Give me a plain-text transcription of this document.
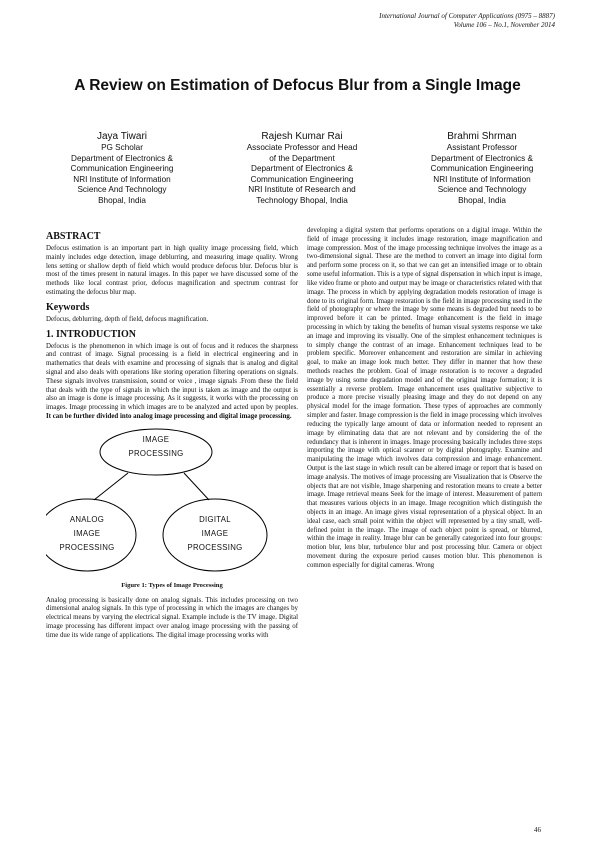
International Journal of Computer Applications (0975 – 8887)
Volume 106 – No.1, November 2014
A Review on Estimation of Defocus Blur from a Single Image
Jaya Tiwari
PG Scholar
Department of Electronics &
Communication Engineering
NRI Institute of Information
Science And Technology
Bhopal, India
Rajesh Kumar Rai
Associate Professor and Head
of the Department
Department of Electronics &
Communication Engineering
NRI Institute of Research and
Technology Bhopal, India
Brahmi Shrman
Assistant Professor
Department of Electronics &
Communication Engineering
NRI Institute of Information
Science and Technology
Bhopal, India
ABSTRACT

Defocus estimation is an important part in high quality image processing field, which mainly includes edge detection, image deblurring, and measuring image quality. Wrong lens setting or shallow depth of field which would produce defocus blur. Defocus blur is most of the times present in natural images. In this paper we have discussed some of the methods like local contrast prior, defocus magnification and spectrum contrast for estimating the defocus blur map.

Keywords

Defocus, deblurring, depth of field, defocus magnification.

1. INTRODUCTION

Defocus is the phenomenon in which image is out of focus and it reduces the sharpness and contrast of image. Signal processing is a field in electrical engineering and in mathematics that deals with examine and processing of signals that is analog and digital signal and also deals with operations like storing operation filtering operations on signals. These signals involves transmission, sound or voice , image signals .From these the field that deals with the type of signals in which the input is taken as image and the output is also an image is done is image processing. As it suggests, it works with the processing on images. Image processing in which images are to be analyzed and acted upon by peoples. It can be further divided into analog image processing and digital image processing.

IMAGE
PROCESSING
ANALOG
IMAGE
PROCESSING
DIGITAL
IMAGE
PROCESSING
Figure 1: Types of Image Processing

Analog processing is basically done on analog signals. This includes processing on two dimensional analog signals. In this type of processing in which the images are changes by electrical means by varying the electrical signal. Example include is the TV image. Digital image processing has different impact over analog image processing with the passing of time due its wide range of applications. The digital image processing works with

developing a digital system that performs operations on a digital image. Within the field of image processing it includes image restoration, image magnification and image compression. Most of the image processing technique involves the image as a two-dimensional signal. These are the method to convert an image into digital form and perform some process on it, so that we can get an intensified image or to obtain some useful information. This is a type of signal dispensation in which input is image, like video frame or photo and output may be image or characteristics related with that image. The process in which by applying degradation models restoration of image is done to its original form. Image restoration is the field in image processing used in the field of photography or where the image by some means is degraded but needs to be improved before it can be printed. Image enhancement is the field in image processing in which by taking the benefits of human visual systems response we take an image and improving its visually. One of the simplest enhancement techniques is to simply change the contrast of an image. Enhancement techniques lead to be problem specific. Moreover enhancement and restoration are similar in achieving goal, to make an image look much better. They differ in manner that how these methods reaches the problem. Goal of image restoration is to recover a degraded image by using some degradation model and of the original image formation; it is essentially a reverse problem. Image enhancement uses qualitative subjective to produce a more precise visually pleasing image and they do not depend on any physical model for the image formation. These types of approaches are commonly simpler and faster. Image compression is the field in image processing which involves reducing the typically large amount of data or information needed to represent an image by eliminating data that are not relevant and by considering the of the redundancy that is inherent in images. Image processing basically includes three steps importing the image with optical scanner or by digital photography. Examine and manipulating the image which involves data compression and image enhancement. Output is the last stage in which result can be altered image or report that is based on image analysis. The motives of image processing are Visualization that is Observe the objects that are not visible, Image sharpening and restoration means to create a better image. Image retrieval means Seek for the image of interest. Measurement of pattern that measures various objects in an image. Image recognition which distinguish the objects in an image. An image gives visual representation of a physical object. In an ideal case, each small point within the object will represented by a tiny small, well-defined point in the image. The image of each object point is spread, or blurred, within the image in reality. Image blur can be generally categorized into four groups: motion blur, lens blur, turbulence blur and post processing blur. Camera or object movement during the exposure period causes motion blur. This phenomenon is common especially for digital cameras. Wrong

46
